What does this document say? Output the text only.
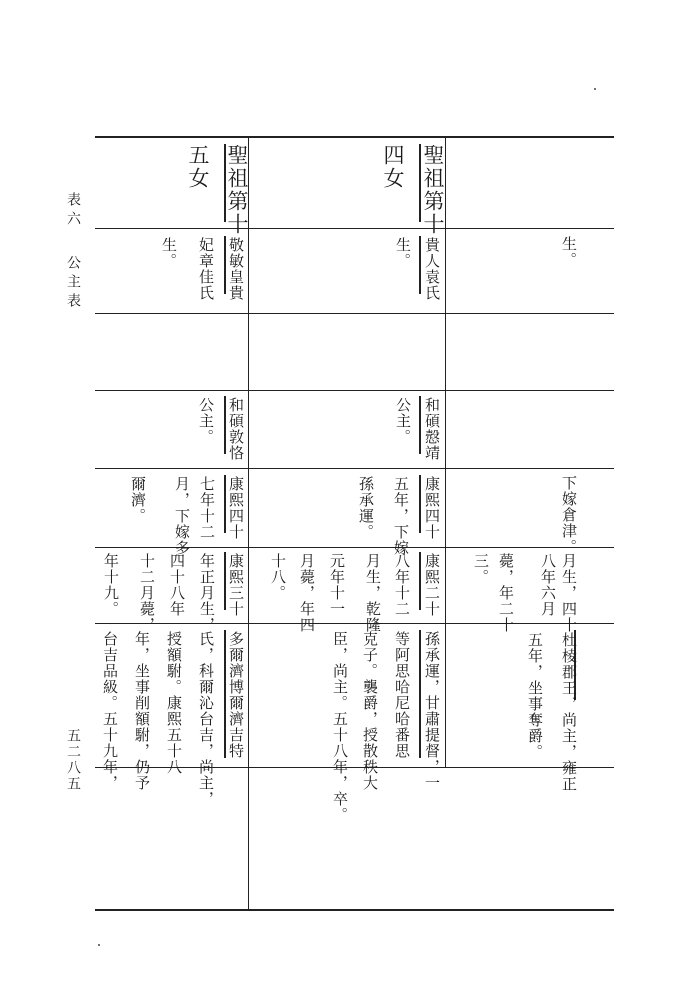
表六
公主表
五二八五
生。
下嫁倉津。
月生，四十
八年六月
薨，年二十
三。
杜棱郡王，尚主，雍正
五年，坐事奪爵。
聖祖第十
四女
貴人袁氏
生。
和碩慤靖
公主。
康熙四十
五年，下嫁
孫承運。
康熙二十
八年十二
月生，乾隆
元年十一
月薨，年四
十八。
孫承運，甘肅提督，一
等阿思哈尼哈番思
克子。襲爵，授散秩大
臣，尚主。五十八年，卒。
聖祖第十
五女
敬敏皇貴
妃章佳氏
生。
和碩敦恪
公主。
康熙四十
七年十二
月，下嫁多
爾濟。
康熙三十
年正月生，
四十八年
十二月薨，
年十九。
多爾濟博爾濟吉特
氏，科爾沁台吉，尚主，
授額駙。康熙五十八
年，坐事削額駙，仍予
台吉品級。五十九年，
